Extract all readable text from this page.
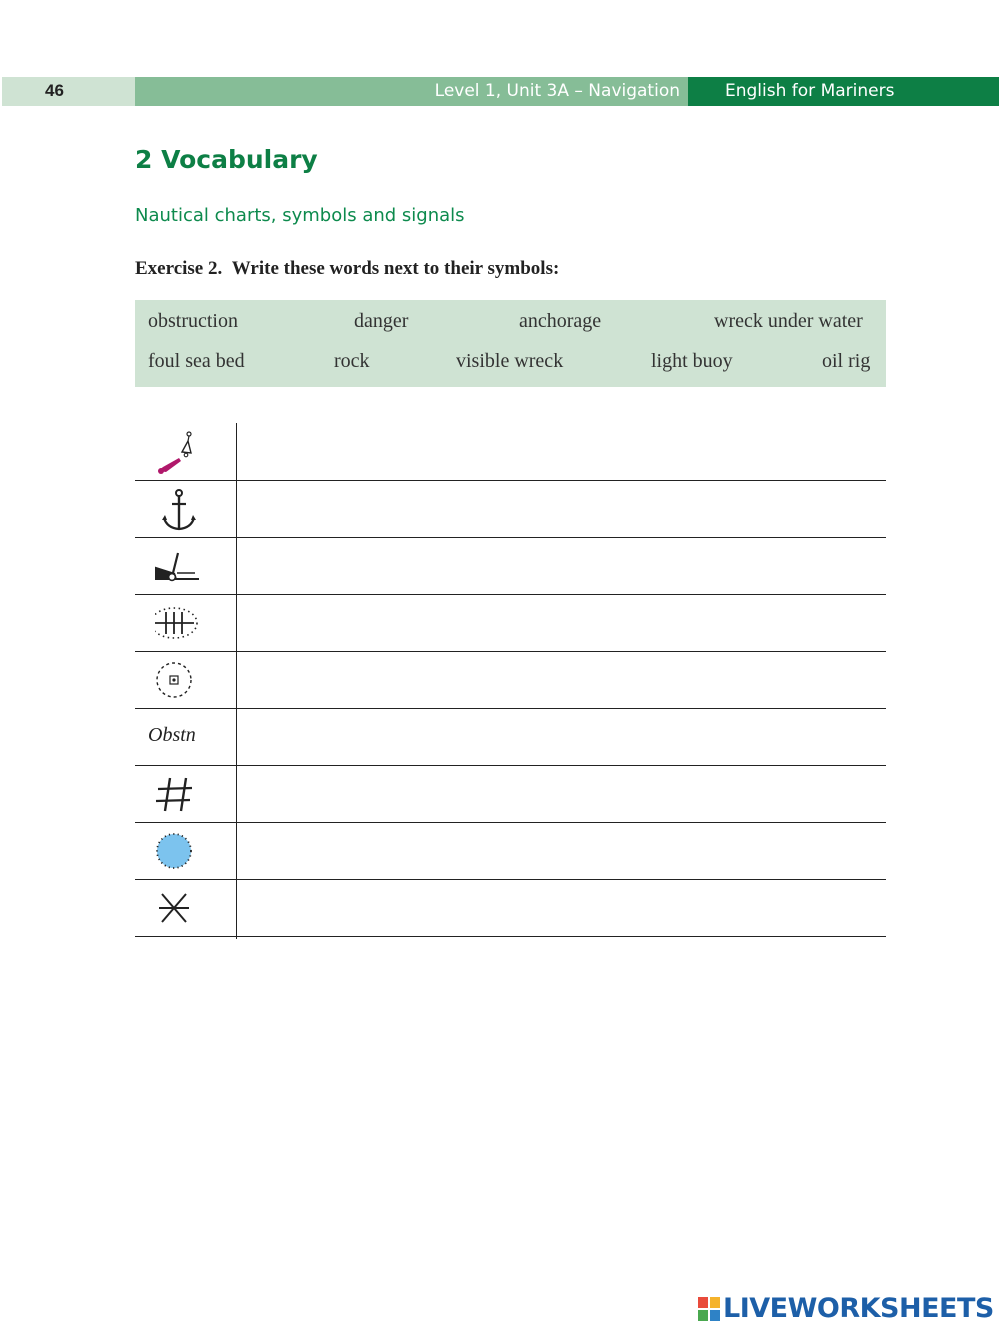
46	Level 1, Unit 3A – Navigation	English for Mariners
2 Vocabulary
Nautical charts, symbols and signals
Exercise 2. Write these words next to their symbols:
obstruction	danger	anchorage	wreck under water
foul sea bed	rock	visible wreck	light buoy	oil rig
Obstn
LIVEWORKSHEETS
